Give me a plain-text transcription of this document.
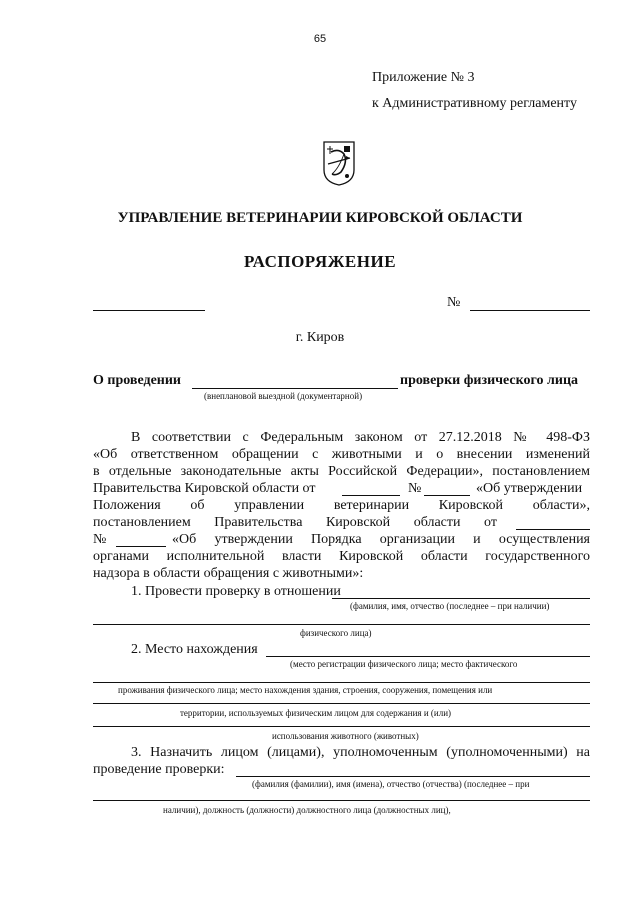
65
Приложение № 3
к Административному регламенту
УПРАВЛЕНИЕ ВЕТЕРИНАРИИ КИРОВСКОЙ ОБЛАСТИ
РАСПОРЯЖЕНИЕ
№
г. Киров
О проведении	проверки физического лица
(внеплановой выездной (документарной)
В соответствии с Федеральным законом от 27.12.2018 № 498-ФЗ
«Об ответственном обращении с животными и о внесении изменений
в отдельные законодательные акты Российской Федерации», постановлением
Правительства Кировской области от	№	«Об утверждении
Положения об управлении ветеринарии Кировской области»,
постановлением Правительства Кировской области от
№	«Об утверждении Порядка организации и осуществления
органами исполнительной власти Кировской области государственного
надзора в области обращения с животными»:
1. Провести проверку в отношении
(фамилия, имя, отчество (последнее – при наличии)
физического лица)
2. Место нахождения
(место регистрации физического лица; место фактического
проживания физического лица; место нахождения здания, строения, сооружения, помещения или
территории, используемых физическим лицом для содержания и (или)
использования животного (животных)
3. Назначить лицом (лицами), уполномоченным (уполномоченными) на
проведение проверки:
(фамилия (фамилии), имя (имена), отчество (отчества) (последнее – при
наличии), должность (должности) должностного лица (должностных лиц),
